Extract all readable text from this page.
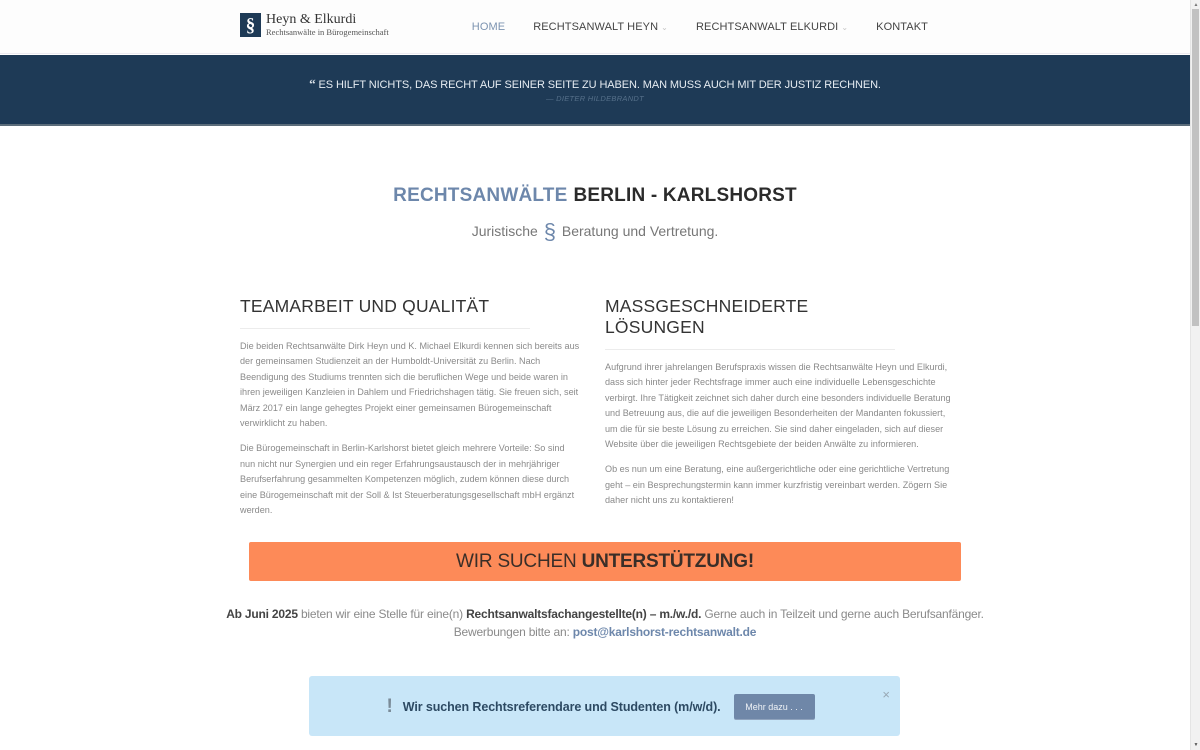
§ Heyn & Elkurdi
Rechtsanwälte in Bürogemeinschaft	HOME	RECHTSANWALT HEYN ⌄	RECHTSANWALT ELKURDI ⌄	KONTAKT
“ ES HILFT NICHTS, DAS RECHT AUF SEINER SEITE ZU HABEN. MAN MUSS AUCH MIT DER JUSTIZ RECHNEN.
— DIETER HILDEBRANDT
RECHTSANWÄLTE BERLIN - KARLSHORST
Juristische § Beratung und Vertretung.
TEAMARBEIT UND QUALITÄT

Die beiden Rechtsanwälte Dirk Heyn und K. Michael Elkurdi kennen sich bereits aus der gemeinsamen Studienzeit an der Humboldt-Universität zu Berlin. Nach Beendigung des Studiums trennten sich die beruflichen Wege und beide waren in ihren jeweiligen Kanzleien in Dahlem und Friedrichshagen tätig. Sie freuen sich, seit März 2017 ein lange gehegtes Projekt einer gemeinsamen Bürogemeinschaft verwirklicht zu haben.

Die Bürogemeinschaft in Berlin-Karlshorst bietet gleich mehrere Vorteile: So sind nun nicht nur Synergien und ein reger Erfahrungsaustausch der in mehrjähriger Berufserfahrung gesammelten Kompetenzen möglich, zudem können diese durch eine Bürogemeinschaft mit der Soll & Ist Steuerberatungsgesellschaft mbH ergänzt werden.

MASSGESCHNEIDERTE LÖSUNGEN

Aufgrund ihrer jahrelangen Berufspraxis wissen die Rechtsanwälte Heyn und Elkurdi, dass sich hinter jeder Rechtsfrage immer auch eine individuelle Lebensgeschichte verbirgt. Ihre Tätigkeit zeichnet sich daher durch eine besonders individuelle Beratung und Betreuung aus, die auf die jeweiligen Besonderheiten der Mandanten fokussiert, um die für sie beste Lösung zu erreichen. Sie sind daher eingeladen, sich auf dieser Website über die jeweiligen Rechtsgebiete der beiden Anwälte zu informieren.

Ob es nun um eine Beratung, eine außergerichtliche oder eine gerichtliche Vertretung geht – ein Besprechungstermin kann immer kurzfristig vereinbart werden. Zögern Sie daher nicht uns zu kontaktieren!

WIR SUCHEN UNTERSTÜTZUNG!
Ab Juni 2025 bieten wir eine Stelle für eine(n) Rechtsanwaltsfachangestellte(n) – m./w./d. Gerne auch in Teilzeit und gerne auch Berufsanfänger.
Bewerbungen bitte an: post@karlshorst-rechtsanwalt.de
! Wir suchen Rechtsreferendare und Studenten (m/w/d).	Mehr dazu . . .
×
▲
▼
